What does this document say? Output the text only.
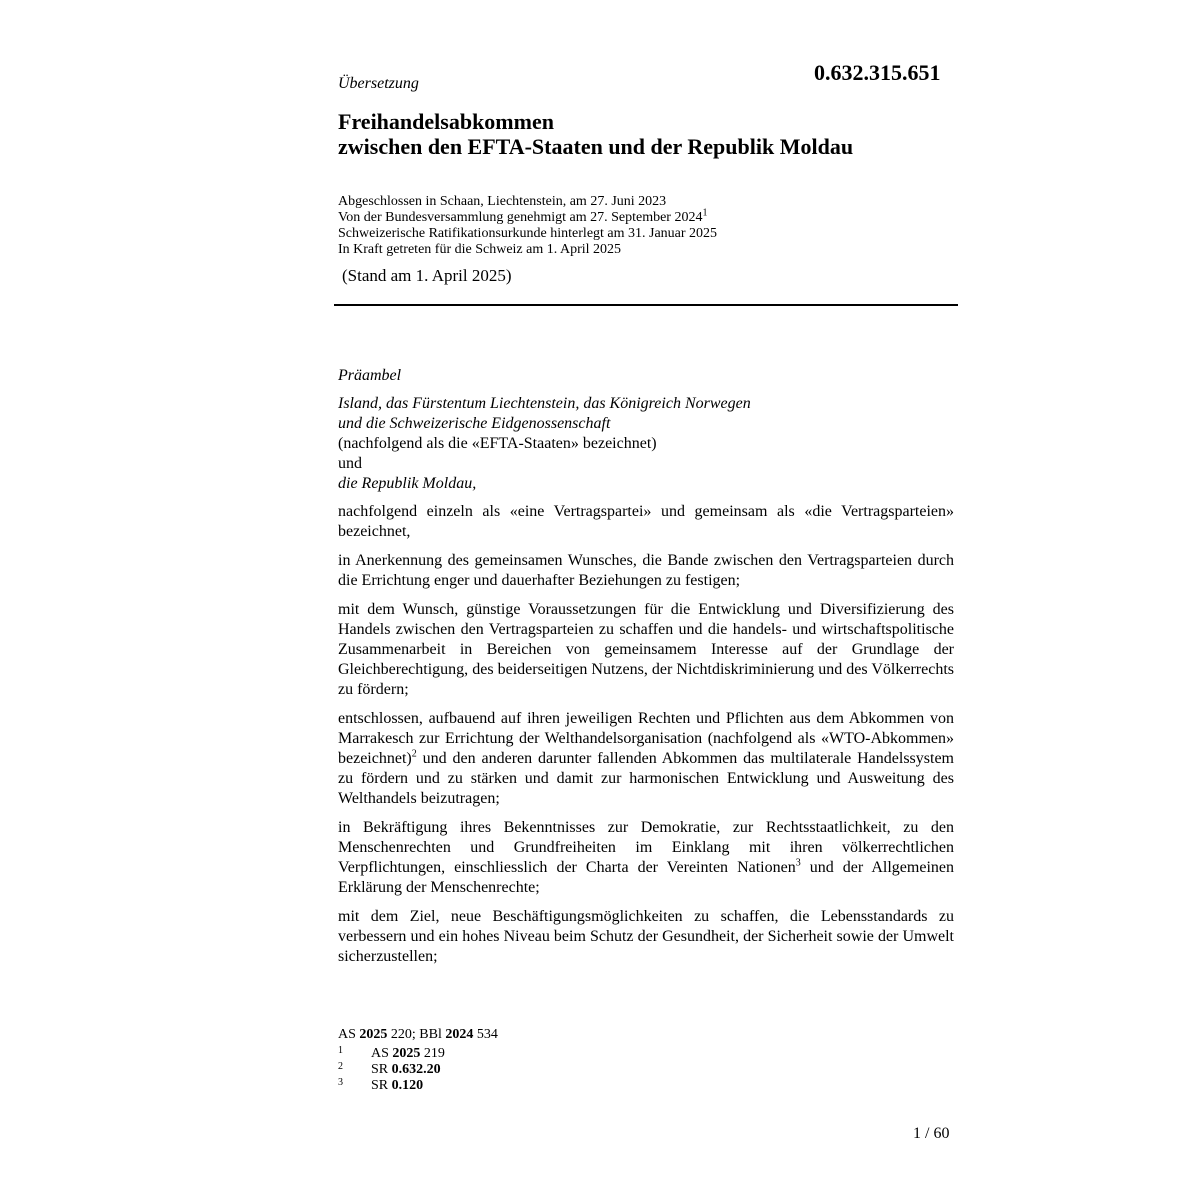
Übersetzung	0.632.315.651
Freihandelsabkommen
zwischen den EFTA-Staaten und der Republik Moldau
Abgeschlossen in Schaan, Liechtenstein, am 27. Juni 2023
Von der Bundesversammlung genehmigt am 27. September 2024$^1$
Schweizerische Ratifikationsurkunde hinterlegt am 31. Januar 2025
In Kraft getreten für die Schweiz am 1. April 2025
(Stand am 1. April 2025)
Präambel
Island, das Fürstentum Liechtenstein, das Königreich Norwegen
und die Schweizerische Eidgenossenschaft
(nachfolgend als die «EFTA-Staaten» bezeichnet)
und
die Republik Moldau,

nachfolgend einzeln als «eine Vertragspartei» und gemeinsam als «die Vertragsparteien» bezeichnet,

in Anerkennung des gemeinsamen Wunsches, die Bande zwischen den Vertragsparteien durch die Errichtung enger und dauerhafter Beziehungen zu festigen;

mit dem Wunsch, günstige Voraussetzungen für die Entwicklung und Diversifizierung des Handels zwischen den Vertragsparteien zu schaffen und die handels- und wirtschaftspolitische Zusammenarbeit in Bereichen von gemeinsamem Interesse auf der Grundlage der Gleichberechtigung, des beiderseitigen Nutzens, der Nichtdiskriminierung und des Völkerrechts zu fördern;

entschlossen, aufbauend auf ihren jeweiligen Rechten und Pflichten aus dem Abkommen von Marrakesch zur Errichtung der Welthandelsorganisation (nachfolgend als «WTO-Abkommen» bezeichnet)$^2$ und den anderen darunter fallenden Abkommen das multilaterale Handelssystem zu fördern und zu stärken und damit zur harmonischen Entwicklung und Ausweitung des Welthandels beizutragen;

in Bekräftigung ihres Bekenntnisses zur Demokratie, zur Rechtsstaatlichkeit, zu den Menschenrechten und Grundfreiheiten im Einklang mit ihren völkerrechtlichen Verpflichtungen, einschliesslich der Charta der Vereinten Nationen$^3$ und der Allgemeinen Erklärung der Menschenrechte;

mit dem Ziel, neue Beschäftigungsmöglichkeiten zu schaffen, die Lebensstandards zu verbessern und ein hohes Niveau beim Schutz der Gesundheit, der Sicherheit sowie der Umwelt sicherzustellen;

AS 2025 220; BBl 2024 534
1 AS 2025 219
2 SR 0.632.20
3 SR 0.120
1 / 60
